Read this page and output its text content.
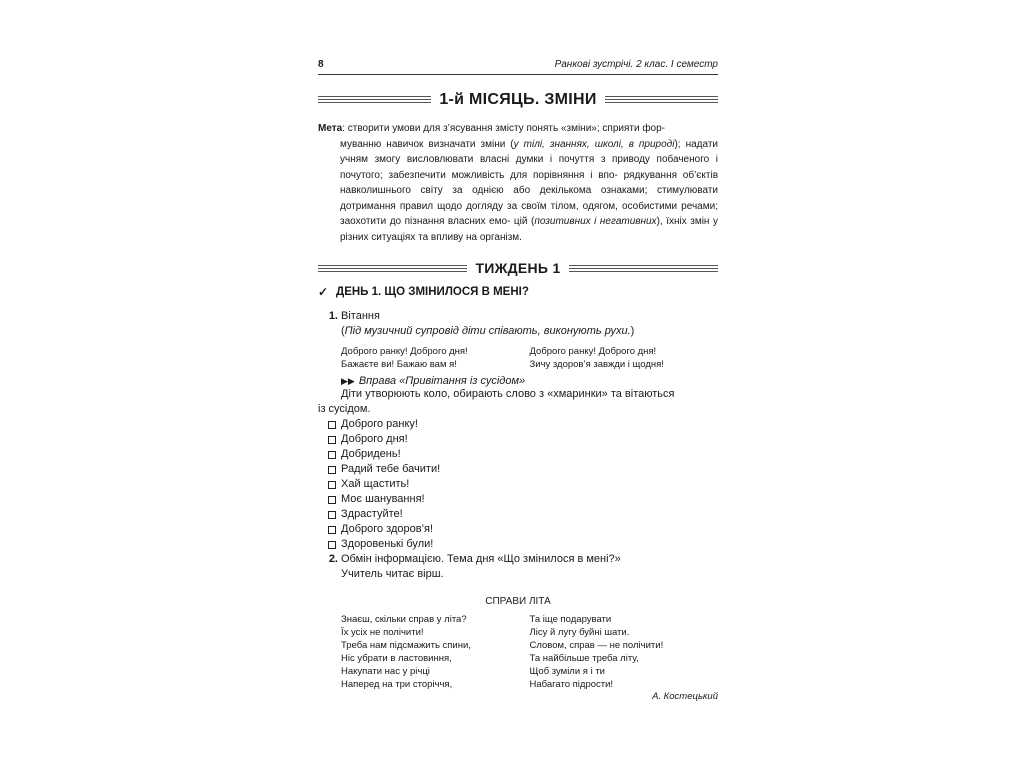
8	Ранкові зустрічі. 2 клас. I семестр
1-й МІСЯЦЬ. ЗМІНИ
Мета: створити умови для з’ясування змісту понять «зміни»; сприяти фор-
муванню навичок визначати зміни (у тілі, знаннях, школі, в природі); надати учням змогу висловлювати власні думки і почуття з приводу побаченого і почутого; забезпечити можливість для порівняння і впо- рядкування об’єктів навколишнього світу за однією або декількома ознаками; стимулювати дотримання правил щодо догляду за своїм тілом, одягом, особистими речами; заохотити до пізнання власних емо- цій (позитивних і негативних), їхніх змін у різних ситуаціях та впливу на організм.
ТИЖДЕНЬ 1
✓ ДЕНЬ 1. ЩО ЗМІНИЛОСЯ В МЕНІ?
1. Вітання
(Під музичний супровід діти співають, виконують рухи.)
Доброго ранку! Доброго дня!
Бажаєте ви! Бажаю вам я!
Доброго ранку! Доброго дня!
Зичу здоров’я завжди і щодня!
▶▶ Вправа «Привітання із сусідом»
Діти утворюють коло, обирають слово з «хмаринки» та вітаються
із сусідом.
Доброго ранку!
Доброго дня!
Добридень!
Радий тебе бачити!
Хай щастить!
Моє шанування!
Здрастуйте!
Доброго здоров’я!
Здоровенькі були!
2. Обмін інформацією. Тема дня «Що змінилося в мені?»
Учитель читає вірш.
СПРАВИ ЛІТА
Знаєш, скільки справ у літа?
Їх усіх не полічити!
Треба нам підсмажить спини,
Ніс убрати в ластовиння,
Накупати нас у річці
Наперед на три сторіччя,
Та іще подарувати
Лісу й лугу буйні шати.
Словом, справ — не полічити!
Та найбільше треба літу,
Щоб зуміли я і ти
Набагато підрости!
А. Костецький
